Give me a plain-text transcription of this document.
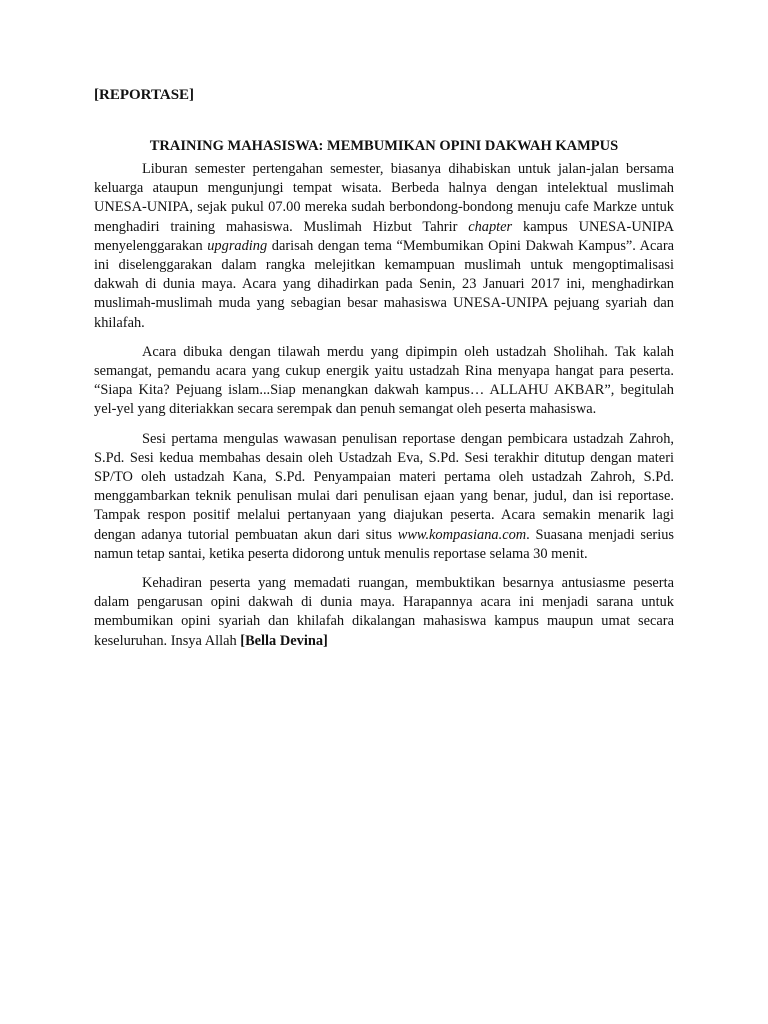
[REPORTASE]

TRAINING MAHASISWA: MEMBUMIKAN OPINI DAKWAH KAMPUS

Liburan semester pertengahan semester, biasanya dihabiskan untuk jalan-jalan bersama keluarga ataupun mengunjungi tempat wisata. Berbeda halnya dengan intelektual muslimah UNESA-UNIPA, sejak pukul 07.00 mereka sudah berbondong-bondong menuju cafe Markze untuk menghadiri training mahasiswa. Muslimah Hizbut Tahrir chapter kampus UNESA-UNIPA menyelenggarakan upgrading darisah dengan tema “Membumikan Opini Dakwah Kampus”. Acara ini diselenggarakan dalam rangka melejitkan kemampuan muslimah untuk mengoptimalisasi dakwah di dunia maya. Acara yang dihadirkan pada Senin, 23 Januari 2017 ini, menghadirkan muslimah-muslimah muda yang sebagian besar mahasiswa UNESA-UNIPA pejuang syariah dan khilafah.

Acara dibuka dengan tilawah merdu yang dipimpin oleh ustadzah Sholihah. Tak kalah semangat, pemandu acara yang cukup energik yaitu ustadzah Rina menyapa hangat para peserta. “Siapa Kita? Pejuang islam...Siap menangkan dakwah kampus… ALLAHU AKBAR”, begitulah yel-yel yang diteriakkan secara serempak dan penuh semangat oleh peserta mahasiswa.

Sesi pertama mengulas wawasan penulisan reportase dengan pembicara ustadzah Zahroh, S.Pd. Sesi kedua membahas desain oleh Ustadzah Eva, S.Pd. Sesi terakhir ditutup dengan materi SP/TO oleh ustadzah Kana, S.Pd. Penyampaian materi pertama oleh ustadzah Zahroh, S.Pd. menggambarkan teknik penulisan mulai dari penulisan ejaan yang benar, judul, dan isi reportase. Tampak respon positif melalui pertanyaan yang diajukan peserta. Acara semakin menarik lagi dengan adanya tutorial pembuatan akun dari situs www.kompasiana.com. Suasana menjadi serius namun tetap santai, ketika peserta didorong untuk menulis reportase selama 30 menit.

Kehadiran peserta yang memadati ruangan, membuktikan besarnya antusiasme peserta dalam pengarusan opini dakwah di dunia maya. Harapannya acara ini menjadi sarana untuk membumikan opini syariah dan khilafah dikalangan mahasiswa kampus maupun umat secara keseluruhan. Insya Allah [Bella Devina]
